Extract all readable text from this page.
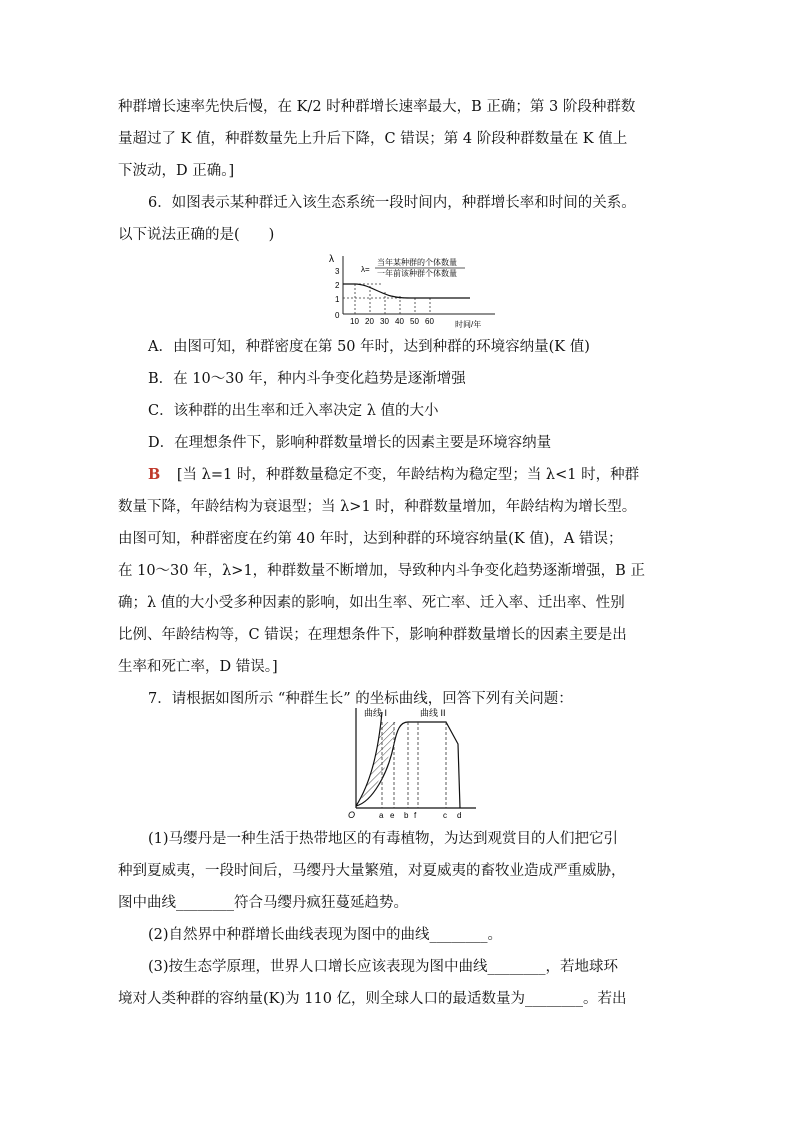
种群增长速率先快后慢，在 K/2 时种群增长速率最大，B 正确；第 3 阶段种群数
量超过了 K 值，种群数量先上升后下降，C 错误；第 4 阶段种群数量在 K 值上
下波动，D 正确。]
6．如图表示某种群迁入该生态系统一段时间内，种群增长率和时间的关系。
以下说法正确的是(　　)
λ
3
2
1
0
10 20 30 40 50 60	时间/年
λ=
当年某种群的个体数量
一年前该种群个体数量
A．由图可知，种群密度在第 50 年时，达到种群的环境容纳量(K 值)
B．在 10～30 年，种内斗争变化趋势是逐渐增强
C．该种群的出生率和迁入率决定 λ 值的大小
D．在理想条件下，影响种群数量增长的因素主要是环境容纳量
B [当 λ=1 时，种群数量稳定不变，年龄结构为稳定型；当 λ<1 时，种群
数量下降，年龄结构为衰退型；当 λ>1 时，种群数量增加，年龄结构为增长型。
由图可知，种群密度在约第 40 年时，达到种群的环境容纳量(K 值)，A 错误；
在 10～30 年，λ>1，种群数量不断增加，导致种内斗争变化趋势逐渐增强，B 正
确；λ 值的大小受多种因素的影响，如出生率、死亡率、迁入率、迁出率、性别
比例、年龄结构等，C 错误；在理想条件下，影响种群数量增长的因素主要是出
生率和死亡率，D 错误。]
7．请根据如图所示 “种群生长” 的坐标曲线，回答下列有关问题：
曲线 I	曲线 II
O	a e b f	c d
(1)马缨丹是一种生活于热带地区的有毒植物，为达到观赏目的人们把它引
种到夏威夷，一段时间后，马缨丹大量繁殖，对夏威夷的畜牧业造成严重威胁，
图中曲线________符合马缨丹疯狂蔓延趋势。
(2)自然界中种群增长曲线表现为图中的曲线________。
(3)按生态学原理，世界人口增长应该表现为图中曲线________，若地球环
境对人类种群的容纳量(K)为 110 亿，则全球人口的最适数量为________。若出
